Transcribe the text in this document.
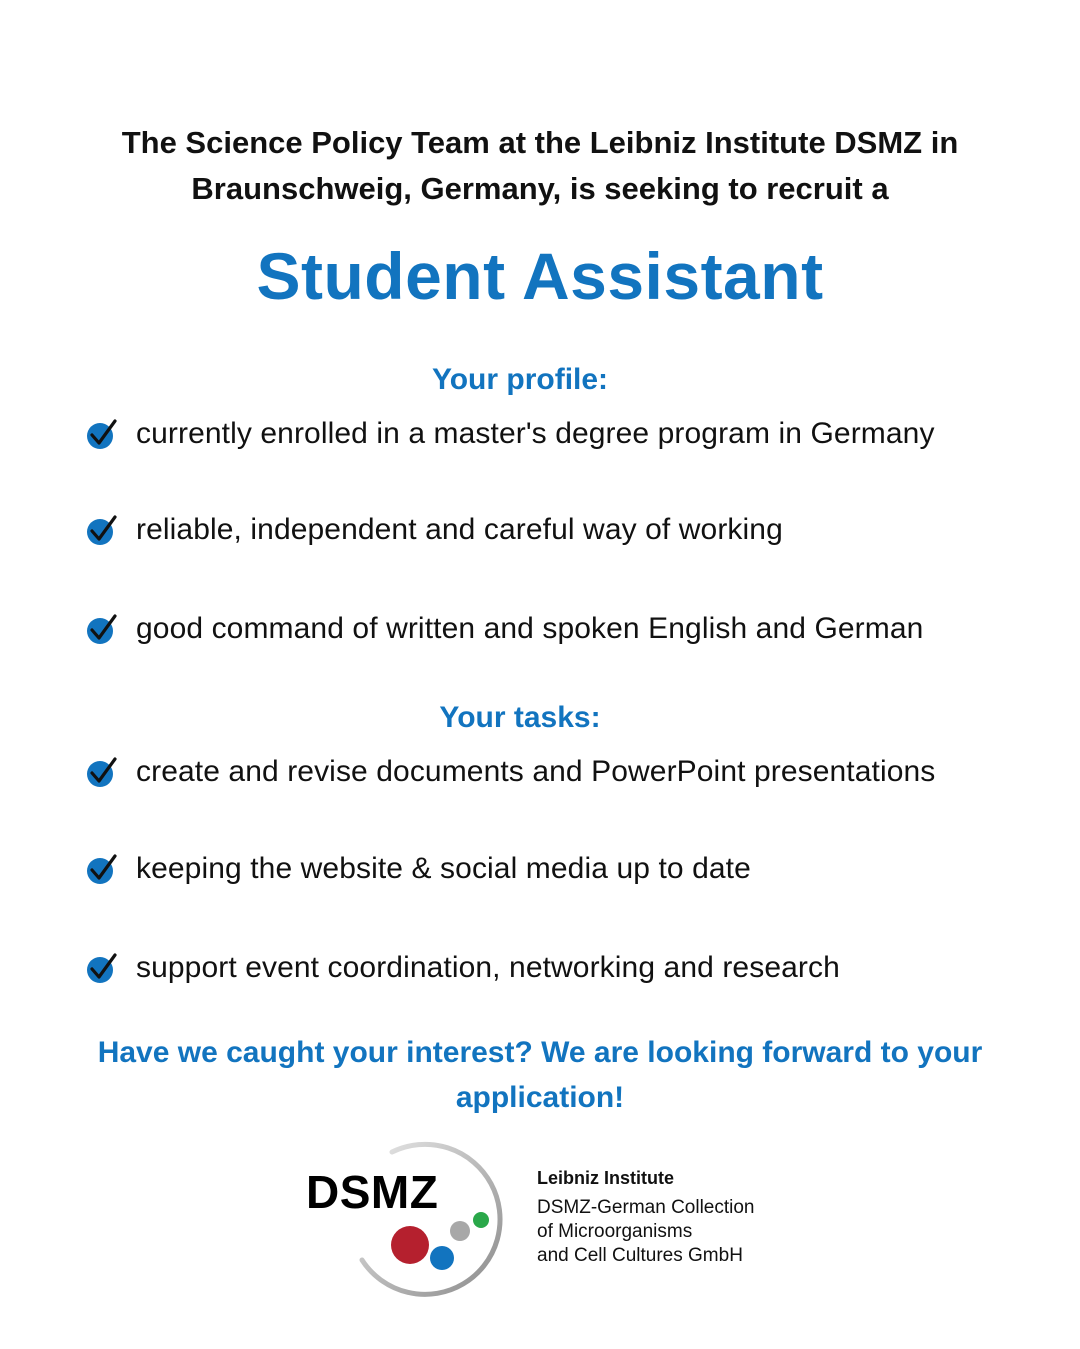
The Science Policy Team at the Leibniz Institute DSMZ in Braunschweig, Germany, is seeking to recruit a
Student Assistant
Your profile:
currently enrolled in a master's degree program in Germany
reliable, independent and careful way of working
good command of written and spoken English and German
Your tasks:
create and revise documents and PowerPoint presentations
keeping the website & social media up to date
support event coordination, networking and research
Have we caught your interest? We are looking forward to your application!
DSMZ	Leibniz Institute
DSMZ-German Collection
of Microorganisms
and Cell Cultures GmbH
